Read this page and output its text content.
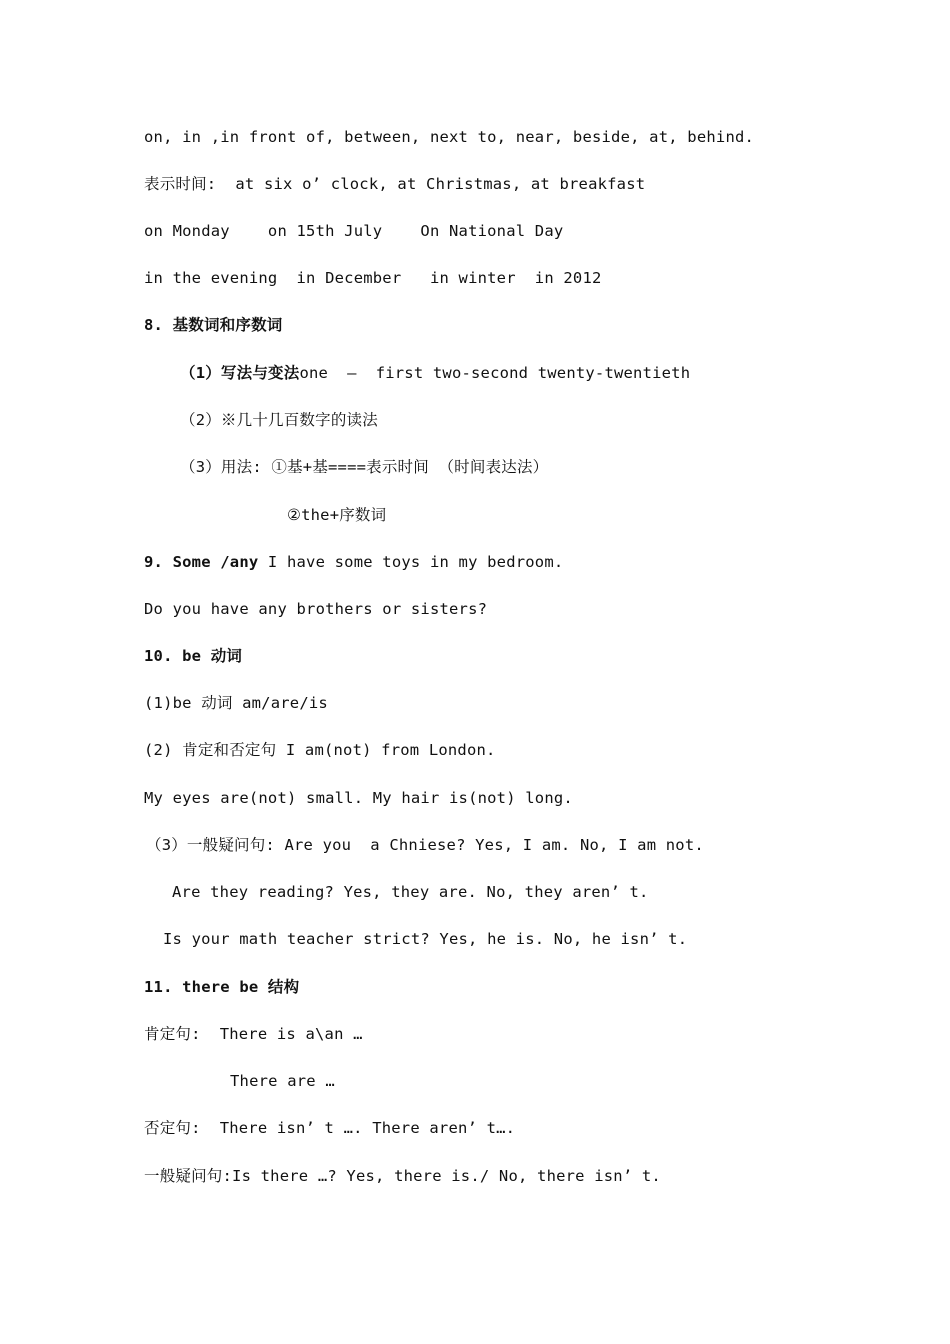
on, in ,in front of, between, next to, near, beside, at, behind.
表示时间:  at six o’ clock, at Christmas, at breakfast
on Monday    on 15th July    On National Day
in the evening  in December   in winter  in 2012
8. 基数词和序数词
（1）写法与变法one  –  first two-second twenty-twentieth
（2）※几十几百数字的读法
（3）用法: ①基+基====表示时间 （时间表达法）
②the+序数词
9. Some /any I have some toys in my bedroom.
Do you have any brothers or sisters?
10. be 动词
(1)be 动词 am/are/is
(2) 肯定和否定句 I am(not) from London.
My eyes are(not) small. My hair is(not) long.
（3）一般疑问句: Are you  a Chniese? Yes, I am. No, I am not.
Are they reading? Yes, they are. No, they aren’ t.
Is your math teacher strict? Yes, he is. No, he isn’ t.
11. there be 结构
肯定句:  There is a\an …
There are …
否定句:  There isn’ t …. There aren’ t….
一般疑问句:Is there …? Yes, there is./ No, there isn’ t.
